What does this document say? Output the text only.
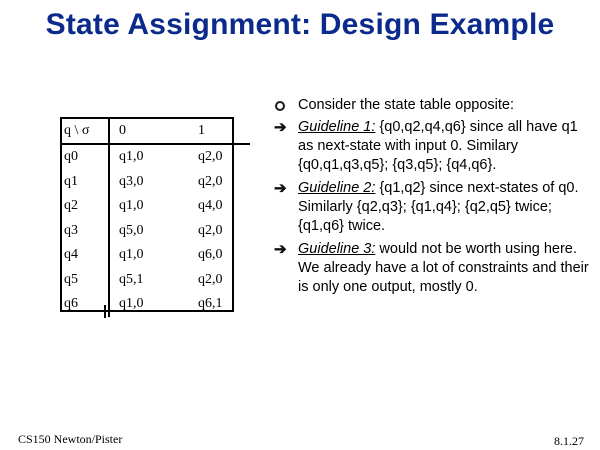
State Assignment: Design Example
q \ σ	0	1
q0	q1,0	q2,0
q1	q3,0	q2,0
q2	q1,0	q4,0
q3	q5,0	q2,0
q4	q1,0	q6,0
q5	q5,1	q2,0
q6	q1,0	q6,1
Consider the state table opposite:
➔ Guideline 1: {q0,q2,q4,q6} since all have q1 as next-state with input 0. Similary {q0,q1,q3,q5}; {q3,q5}; {q4,q6}.
➔ Guideline 2: {q1,q2} since next-states of q0. Similarly {q2,q3}; {q1,q4}; {q2,q5} twice; {q1,q6} twice.
➔ Guideline 3: would not be worth using here. We already have a lot of constraints and their is only one output, mostly 0.
CS150 Newton/Pister	8.1.27
